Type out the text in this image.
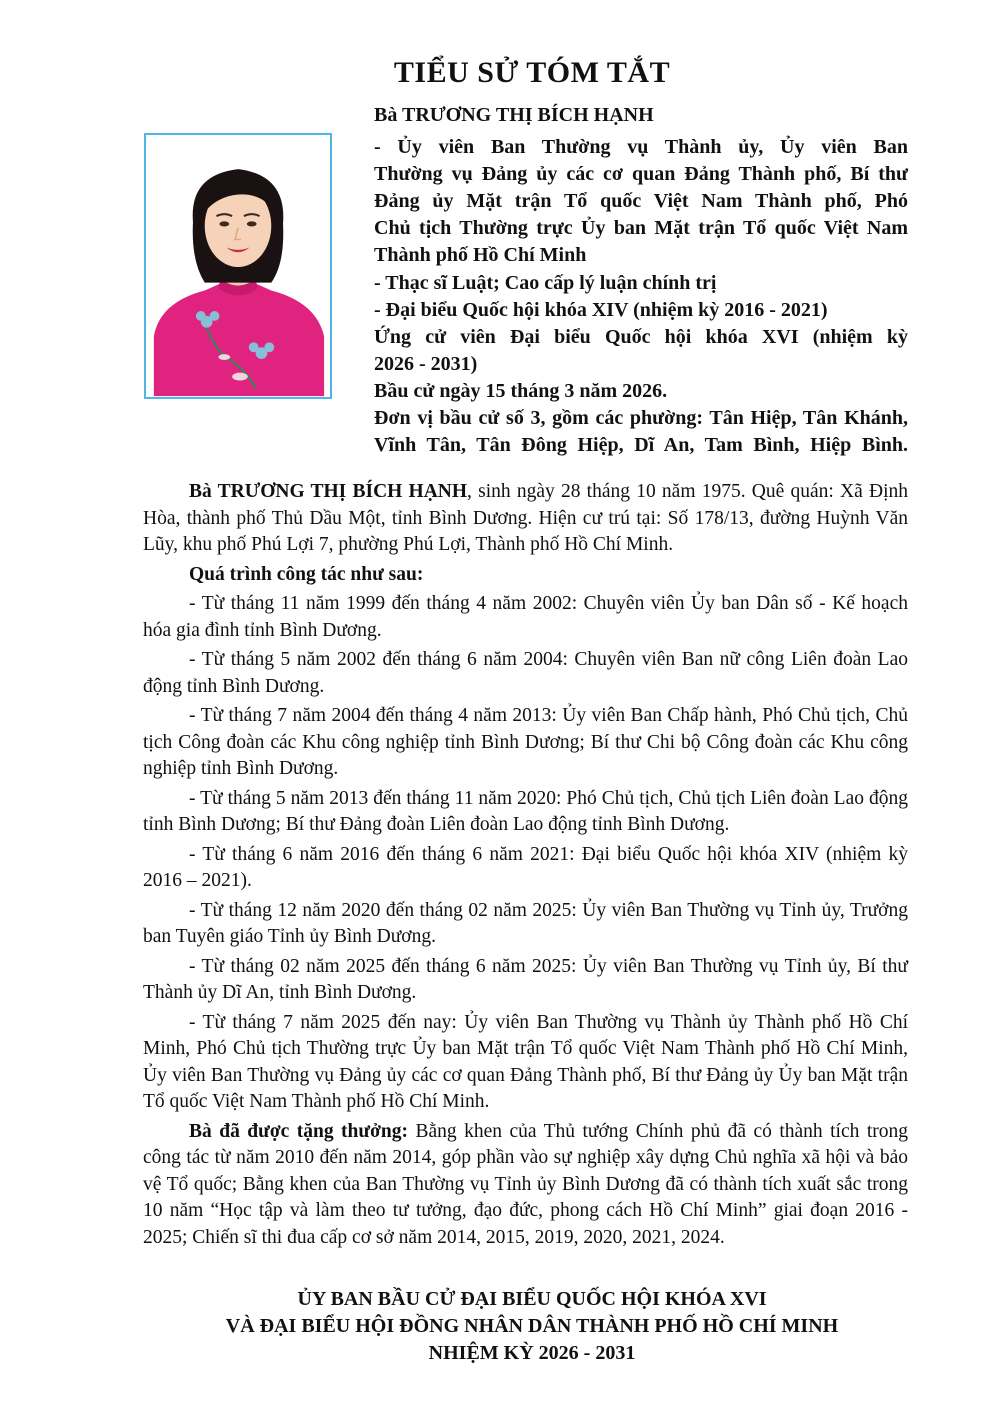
TIỂU SỬ TÓM TẮT
Bà TRƯƠNG THỊ BÍCH HẠNH
- Ủy viên Ban Thường vụ Thành ủy, Ủy viên Ban
Thường vụ Đảng ủy các cơ quan Đảng Thành phố, Bí thư
Đảng ủy Mặt trận Tổ quốc Việt Nam Thành phố, Phó
Chủ tịch Thường trực Ủy ban Mặt trận Tổ quốc Việt Nam
Thành phố Hồ Chí Minh
- Thạc sĩ Luật; Cao cấp lý luận chính trị
- Đại biểu Quốc hội khóa XIV (nhiệm kỳ 2016 - 2021)
Ứng cử viên Đại biểu Quốc hội khóa XVI (nhiệm kỳ
2026 - 2031)
Bầu cử ngày 15 tháng 3 năm 2026.
Đơn vị bầu cử số 3, gồm các phường: Tân Hiệp, Tân Khánh,
Vĩnh Tân, Tân Đông Hiệp, Dĩ An, Tam Bình, Hiệp Bình.

Bà TRƯƠNG THỊ BÍCH HẠNH, sinh ngày 28 tháng 10 năm 1975. Quê quán: Xã Định Hòa, thành phố Thủ Dầu Một, tỉnh Bình Dương. Hiện cư trú tại: Số 178/13, đường Huỳnh Văn Lũy, khu phố Phú Lợi 7, phường Phú Lợi, Thành phố Hồ Chí Minh.

Quá trình công tác như sau:

- Từ tháng 11 năm 1999 đến tháng 4 năm 2002: Chuyên viên Ủy ban Dân số - Kế hoạch hóa gia đình tỉnh Bình Dương.

- Từ tháng 5 năm 2002 đến tháng 6 năm 2004: Chuyên viên Ban nữ công Liên đoàn Lao động tỉnh Bình Dương.

- Từ tháng 7 năm 2004 đến tháng 4 năm 2013: Ủy viên Ban Chấp hành, Phó Chủ tịch, Chủ tịch Công đoàn các Khu công nghiệp tỉnh Bình Dương; Bí thư Chi bộ Công đoàn các Khu công nghiệp tỉnh Bình Dương.

- Từ tháng 5 năm 2013 đến tháng 11 năm 2020: Phó Chủ tịch, Chủ tịch Liên đoàn Lao động tỉnh Bình Dương; Bí thư Đảng đoàn Liên đoàn Lao động tỉnh Bình Dương.

- Từ tháng 6 năm 2016 đến tháng 6 năm 2021: Đại biểu Quốc hội khóa XIV (nhiệm kỳ 2016 – 2021).

- Từ tháng 12 năm 2020 đến tháng 02 năm 2025: Ủy viên Ban Thường vụ Tỉnh ủy, Trưởng ban Tuyên giáo Tỉnh ủy Bình Dương.

- Từ tháng 02 năm 2025 đến tháng 6 năm 2025: Ủy viên Ban Thường vụ Tỉnh ủy, Bí thư Thành ủy Dĩ An, tỉnh Bình Dương.

- Từ tháng 7 năm 2025 đến nay: Ủy viên Ban Thường vụ Thành ủy Thành phố Hồ Chí Minh, Phó Chủ tịch Thường trực Ủy ban Mặt trận Tổ quốc Việt Nam Thành phố Hồ Chí Minh, Ủy viên Ban Thường vụ Đảng ủy các cơ quan Đảng Thành phố, Bí thư Đảng ủy Ủy ban Mặt trận Tổ quốc Việt Nam Thành phố Hồ Chí Minh.

Bà đã được tặng thưởng: Bằng khen của Thủ tướng Chính phủ đã có thành tích trong công tác từ năm 2010 đến năm 2014, góp phần vào sự nghiệp xây dựng Chủ nghĩa xã hội và bảo vệ Tổ quốc; Bằng khen của Ban Thường vụ Tỉnh ủy Bình Dương đã có thành tích xuất sắc trong 10 năm “Học tập và làm theo tư tưởng, đạo đức, phong cách Hồ Chí Minh” giai đoạn 2016 - 2025; Chiến sĩ thi đua cấp cơ sở năm 2014, 2015, 2019, 2020, 2021, 2024.

ỦY BAN BẦU CỬ ĐẠI BIỂU QUỐC HỘI KHÓA XVI
VÀ ĐẠI BIỂU HỘI ĐỒNG NHÂN DÂN THÀNH PHỐ HỒ CHÍ MINH
NHIỆM KỲ 2026 - 2031
